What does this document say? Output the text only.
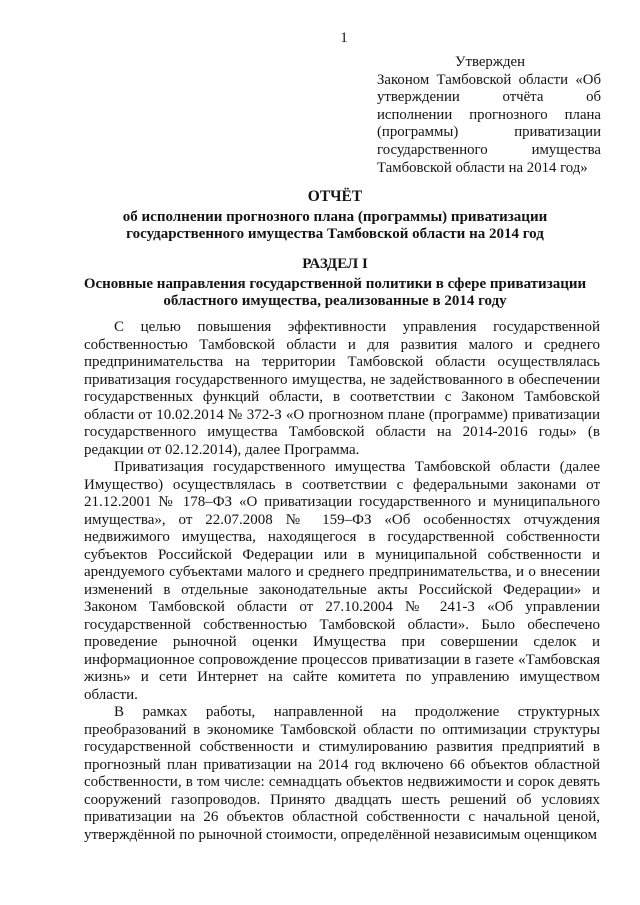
1
Утвержден
Законом Тамбовской области «Об утверждении отчёта об исполнении прогнозного плана (программы) приватизации государственного имущества Тамбовской области на 2014 год»
ОТЧЁТ
об исполнении прогнозного плана (программы) приватизации государственного имущества Тамбовской области на 2014 год
РАЗДЕЛ I
Основные направления государственной политики в сфере приватизации областного имущества, реализованные в 2014 году

С целью повышения эффективности управления государственной собственностью Тамбовской области и для развития малого и среднего предпринимательства на территории Тамбовской области осуществлялась приватизация государственного имущества, не задействованного в обеспечении государственных функций области, в соответствии с Законом Тамбовской области от 10.02.2014 № 372-З «О прогнозном плане (программе) приватизации государственного имущества Тамбовской области на 2014-2016 годы» (в редакции от 02.12.2014), далее Программа.

Приватизация государственного имущества Тамбовской области (далее Имущество) осуществлялась в соответствии с федеральными законами от 21.12.2001 № 178–ФЗ «О приватизации государственного и муниципального имущества», от 22.07.2008 № 159–ФЗ «Об особенностях отчуждения недвижимого имущества, находящегося в государственной собственности субъектов Российской Федерации или в муниципальной собственности и арендуемого субъектами малого и среднего предпринимательства, и о внесении изменений в отдельные законодательные акты Российской Федерации» и Законом Тамбовской области от 27.10.2004 № 241-З «Об управлении государственной собственностью Тамбовской области». Было обеспечено проведение рыночной оценки Имущества при совершении сделок и информационное сопровождение процессов приватизации в газете «Тамбовская жизнь» и сети Интернет на сайте комитета по управлению имуществом области.

В рамках работы, направленной на продолжение структурных преобразований в экономике Тамбовской области по оптимизации структуры государственной собственности и стимулированию развития предприятий в прогнозный план приватизации на 2014 год включено 66 объектов областной собственности, в том числе: семнадцать объектов недвижимости и сорок девять сооружений газопроводов. Принято двадцать шесть решений об условиях приватизации на 26 объектов областной собственности с начальной ценой, утверждённой по рыночной стоимости, определённой независимым оценщиком
